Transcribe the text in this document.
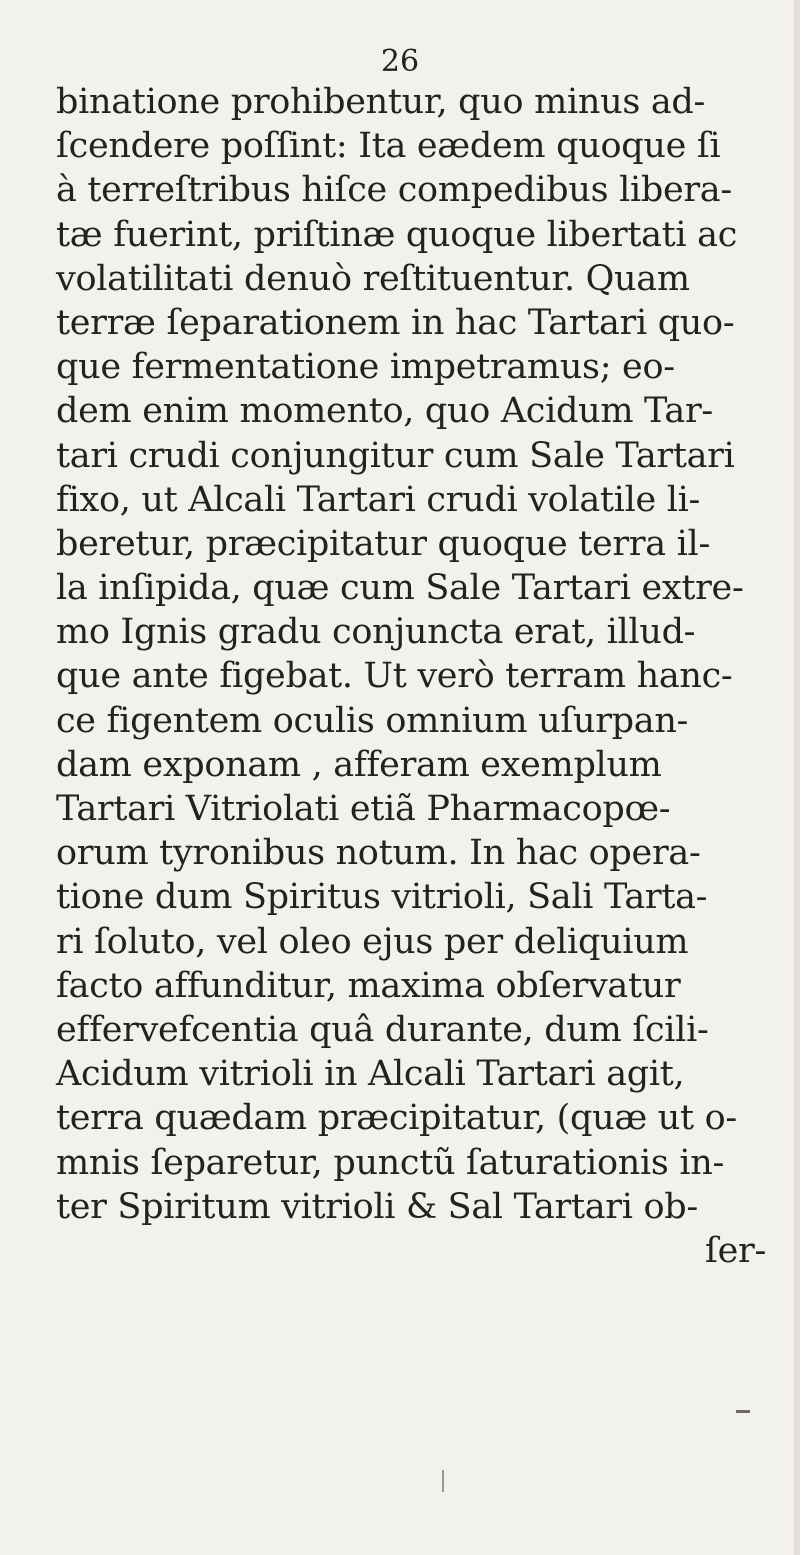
26
binatione prohibentur, quo minus ad-
ſcendere poſſint: Ita eædem quoque ſi
à terreſtribus hiſce compedibus libera-
tæ fuerint, priſtinæ quoque libertati ac
volatilitati denuò reſtituentur. Quam
terræ ſeparationem in hac Tartari quo-
que fermentatione impetramus; eo-
dem enim momento, quo Acidum Tar-
tari crudi conjungitur cum Sale Tartari
fixo, ut Alcali Tartari crudi volatile li-
beretur, præcipitatur quoque terra il-
la inſipida, quæ cum Sale Tartari extre-
mo Ignis gradu conjuncta erat, illud-
que ante figebat. Ut verò terram hanc-
ce figentem oculis omnium uſurpan-
dam exponam , afferam exemplum
Tartari Vitriolati etiã Pharmacopœ-
orum tyronibus notum. In hac opera-
tione dum Spiritus vitrioli, Sali Tarta-
ri ſoluto, vel oleo ejus per deliquium
facto affunditur, maxima obſervatur
effervefcentia quâ durante, dum ſcili-
Acidum vitrioli in Alcali Tartari agit,
terra quædam præcipitatur, (quæ ut o-
mnis ſeparetur, punctũ ſaturationis in-
ter Spiritum vitrioli & Sal Tartari ob-
ſer-
